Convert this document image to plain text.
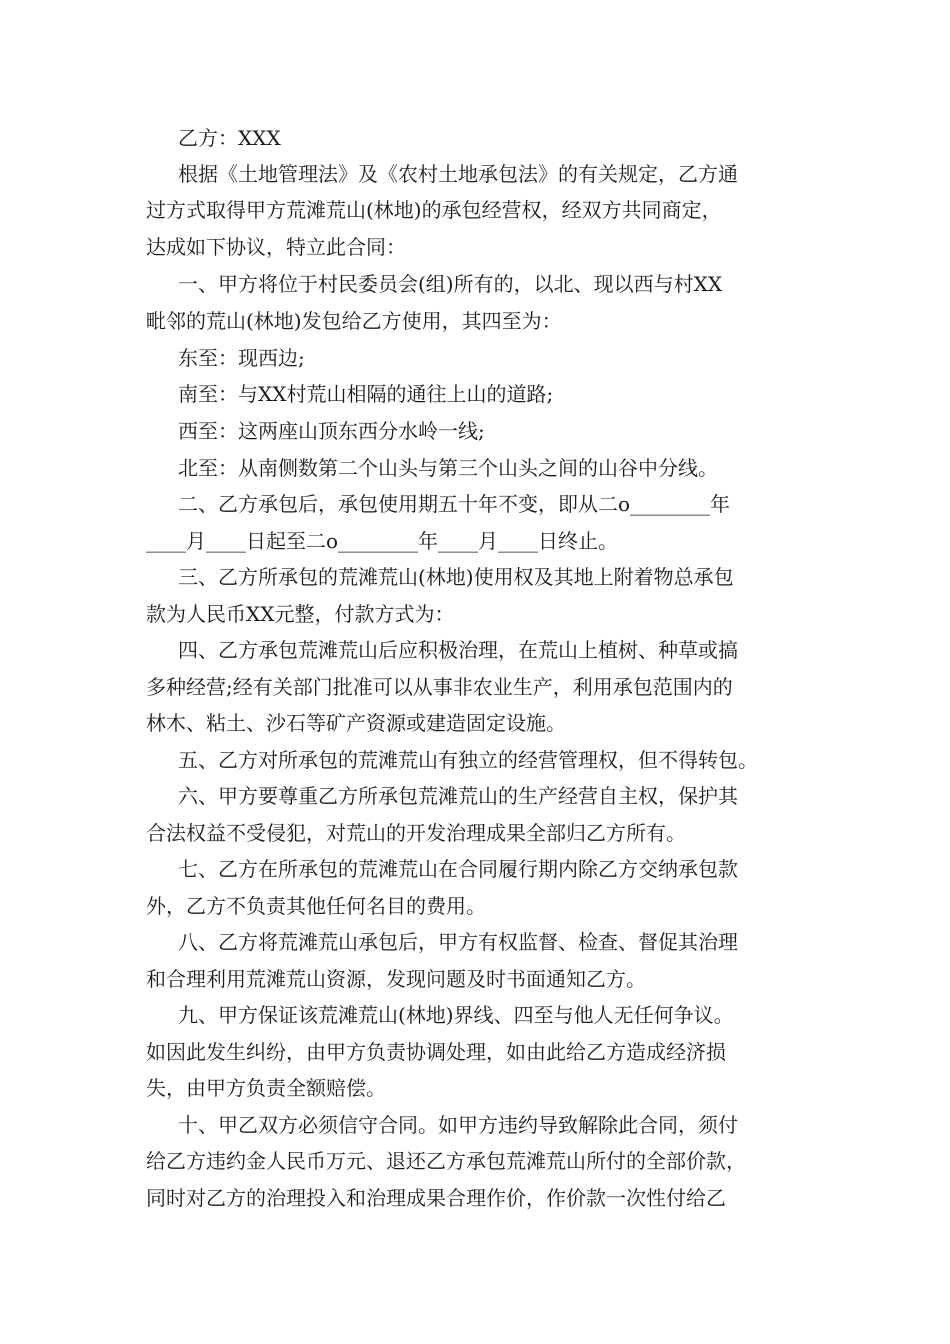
乙方：XXX
根据《土地管理法》及《农村土地承包法》的有关规定，乙方通
过方式取得甲方荒滩荒山(林地)的承包经营权，经双方共同商定，
达成如下协议，特立此合同：
一、甲方将位于村民委员会(组)所有的，以北、现以西与村XX
毗邻的荒山(林地)发包给乙方使用，其四至为：
东至：现西边;
南至：与XX村荒山相隔的通往上山的道路;
西至：这两座山顶东西分水岭一线;
北至：从南侧数第二个山头与第三个山头之间的山谷中分线。
二、乙方承包后，承包使用期五十年不变，即从二o________年
____月____日起至二o________年____月____日终止。
三、乙方所承包的荒滩荒山(林地)使用权及其地上附着物总承包
款为人民币XX元整，付款方式为：
四、乙方承包荒滩荒山后应积极治理，在荒山上植树、种草或搞
多种经营;经有关部门批准可以从事非农业生产，利用承包范围内的
林木、粘土、沙石等矿产资源或建造固定设施。
五、乙方对所承包的荒滩荒山有独立的经营管理权，但不得转包。
六、甲方要尊重乙方所承包荒滩荒山的生产经营自主权，保护其
合法权益不受侵犯，对荒山的开发治理成果全部归乙方所有。
七、乙方在所承包的荒滩荒山在合同履行期内除乙方交纳承包款
外，乙方不负责其他任何名目的费用。
八、乙方将荒滩荒山承包后，甲方有权监督、检查、督促其治理
和合理利用荒滩荒山资源，发现问题及时书面通知乙方。
九、甲方保证该荒滩荒山(林地)界线、四至与他人无任何争议。
如因此发生纠纷，由甲方负责协调处理，如由此给乙方造成经济损
失，由甲方负责全额赔偿。
十、甲乙双方必须信守合同。如甲方违约导致解除此合同，须付
给乙方违约金人民币万元、退还乙方承包荒滩荒山所付的全部价款，
同时对乙方的治理投入和治理成果合理作价，作价款一次性付给乙
